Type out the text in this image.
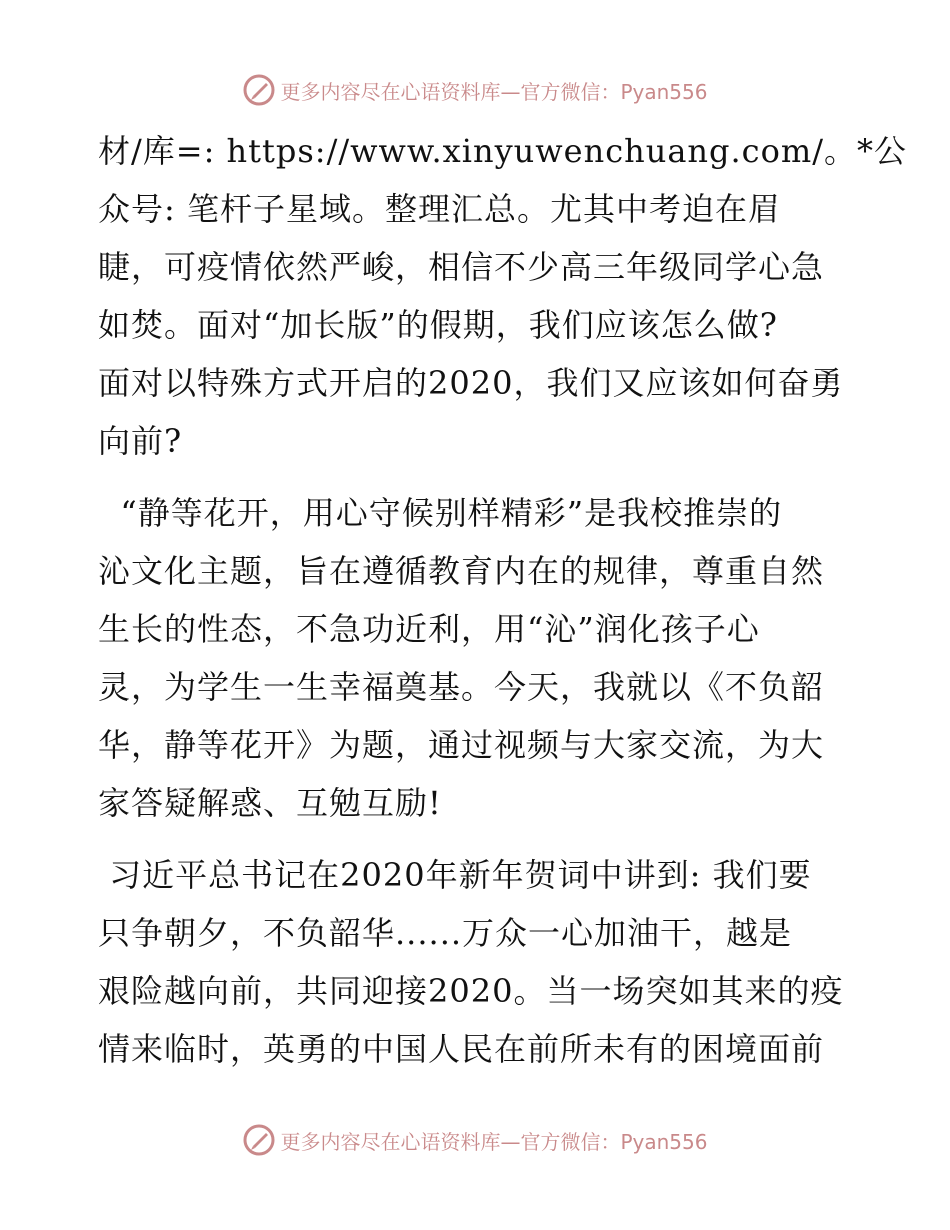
更多内容尽在心语资料库—官方微信：Pyan556
材/库=: https://www.xinyuwenchuang.com/。*公
众号: 笔杆子星域。整理汇总。尤其中考迫在眉
睫，可疫情依然严峻，相信不少高三年级同学心急
如焚。面对“加长版”的假期，我们应该怎么做?
面对以特殊方式开启的2020，我们又应该如何奋勇
向前?
“静等花开，用心守候别样精彩”是我校推崇的
沁文化主题，旨在遵循教育内在的规律，尊重自然
生长的性态，不急功近利，用“沁”润化孩子心
灵，为学生一生幸福奠基。今天，我就以《不负韶
华，静等花开》为题，通过视频与大家交流，为大
家答疑解惑、互勉互励!
习近平总书记在2020年新年贺词中讲到: 我们要
只争朝夕，不负韶华......万众一心加油干，越是
艰险越向前，共同迎接2020。当一场突如其来的疫
情来临时，英勇的中国人民在前所未有的困境面前
更多内容尽在心语资料库—官方微信：Pyan556
